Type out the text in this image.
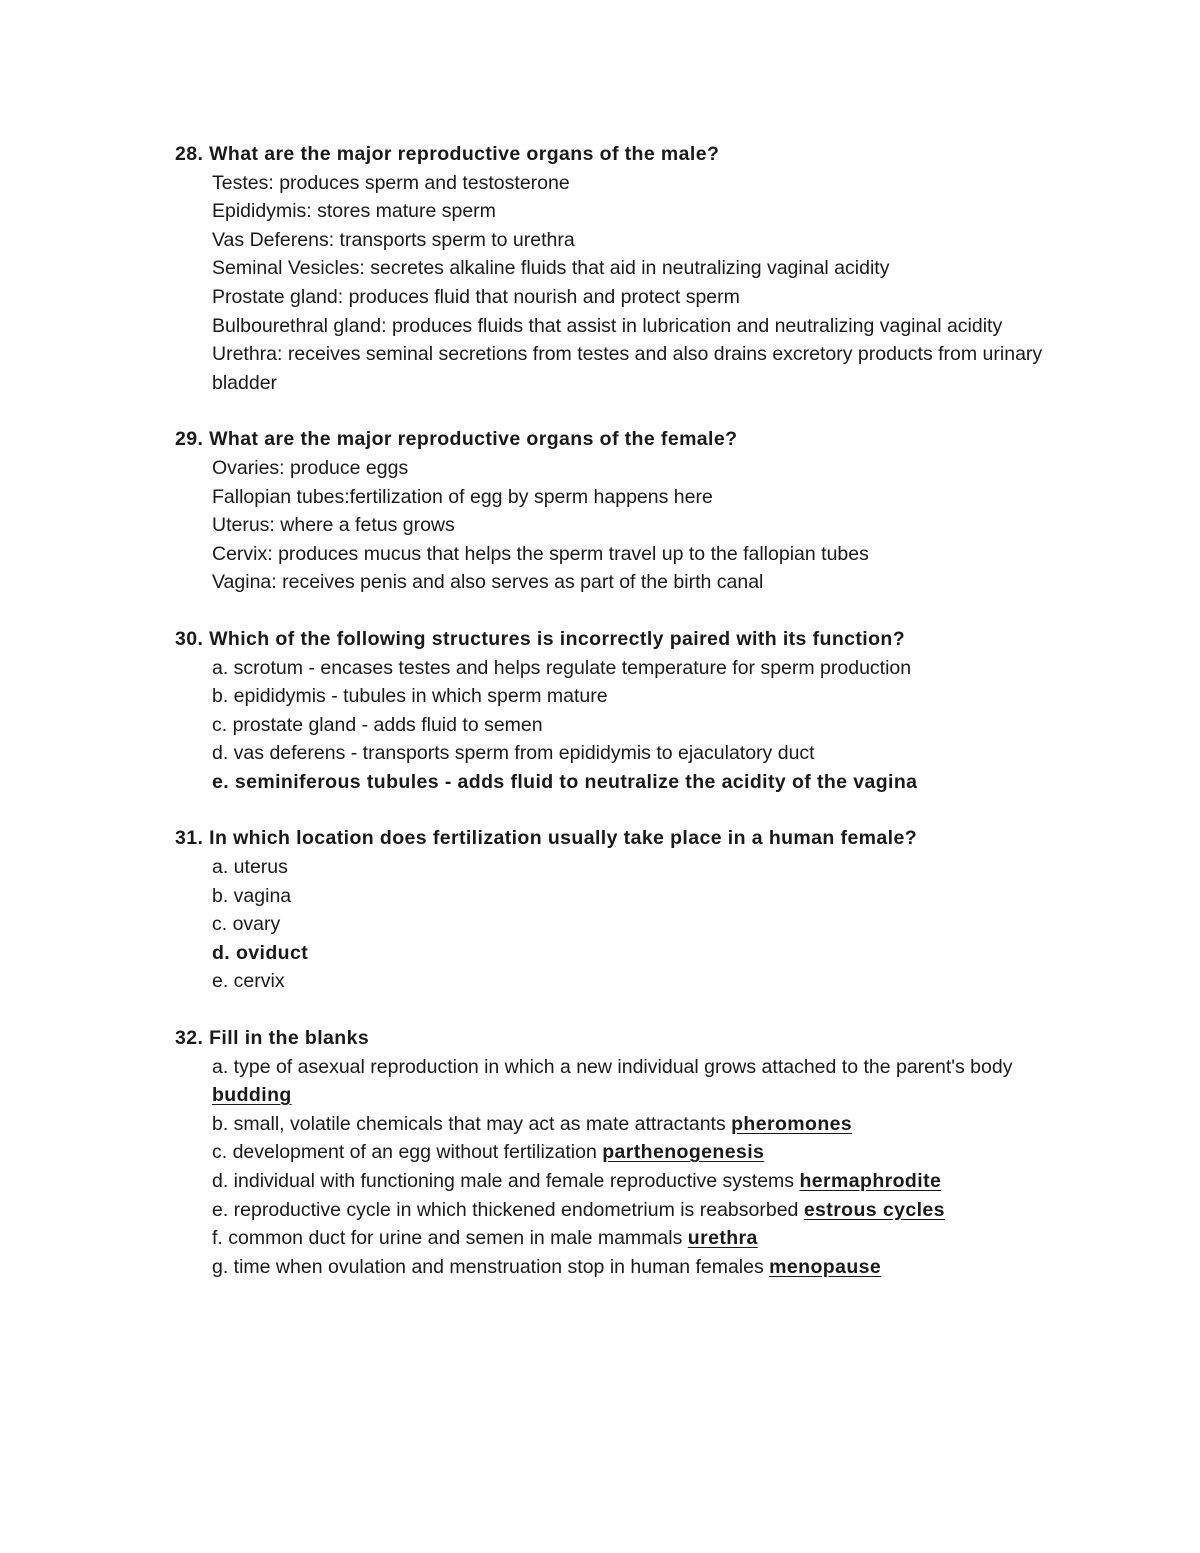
28. What are the major reproductive organs of the male?
Testes: produces sperm and testosterone
Epididymis: stores mature sperm
Vas Deferens: transports sperm to urethra
Seminal Vesicles: secretes alkaline fluids that aid in neutralizing vaginal acidity
Prostate gland: produces fluid that nourish and protect sperm
Bulbourethral gland: produces fluids that assist in lubrication and neutralizing vaginal acidity
Urethra: receives seminal secretions from testes and also drains excretory products from urinary bladder
29. What are the major reproductive organs of the female?
Ovaries: produce eggs
Fallopian tubes:fertilization of egg by sperm happens here
Uterus: where a fetus grows
Cervix: produces mucus that helps the sperm travel up to the fallopian tubes
Vagina: receives penis and also serves as part of the birth canal
30. Which of the following structures is incorrectly paired with its function?
a. scrotum - encases testes and helps regulate temperature for sperm production
b. epididymis - tubules in which sperm mature
c. prostate gland - adds fluid to semen
d. vas deferens - transports sperm from epididymis to ejaculatory duct
e. seminiferous tubules - adds fluid to neutralize the acidity of the vagina
31. In which location does fertilization usually take place in a human female?
a. uterus
b. vagina
c. ovary
d. oviduct
e. cervix
32. Fill in the blanks
a. type of asexual reproduction in which a new individual grows attached to the parent's body budding
b. small, volatile chemicals that may act as mate attractants pheromones
c. development of an egg without fertilization parthenogenesis
d. individual with functioning male and female reproductive systems hermaphrodite
e. reproductive cycle in which thickened endometrium is reabsorbed estrous cycles
f. common duct for urine and semen in male mammals urethra
g. time when ovulation and menstruation stop in human females menopause
